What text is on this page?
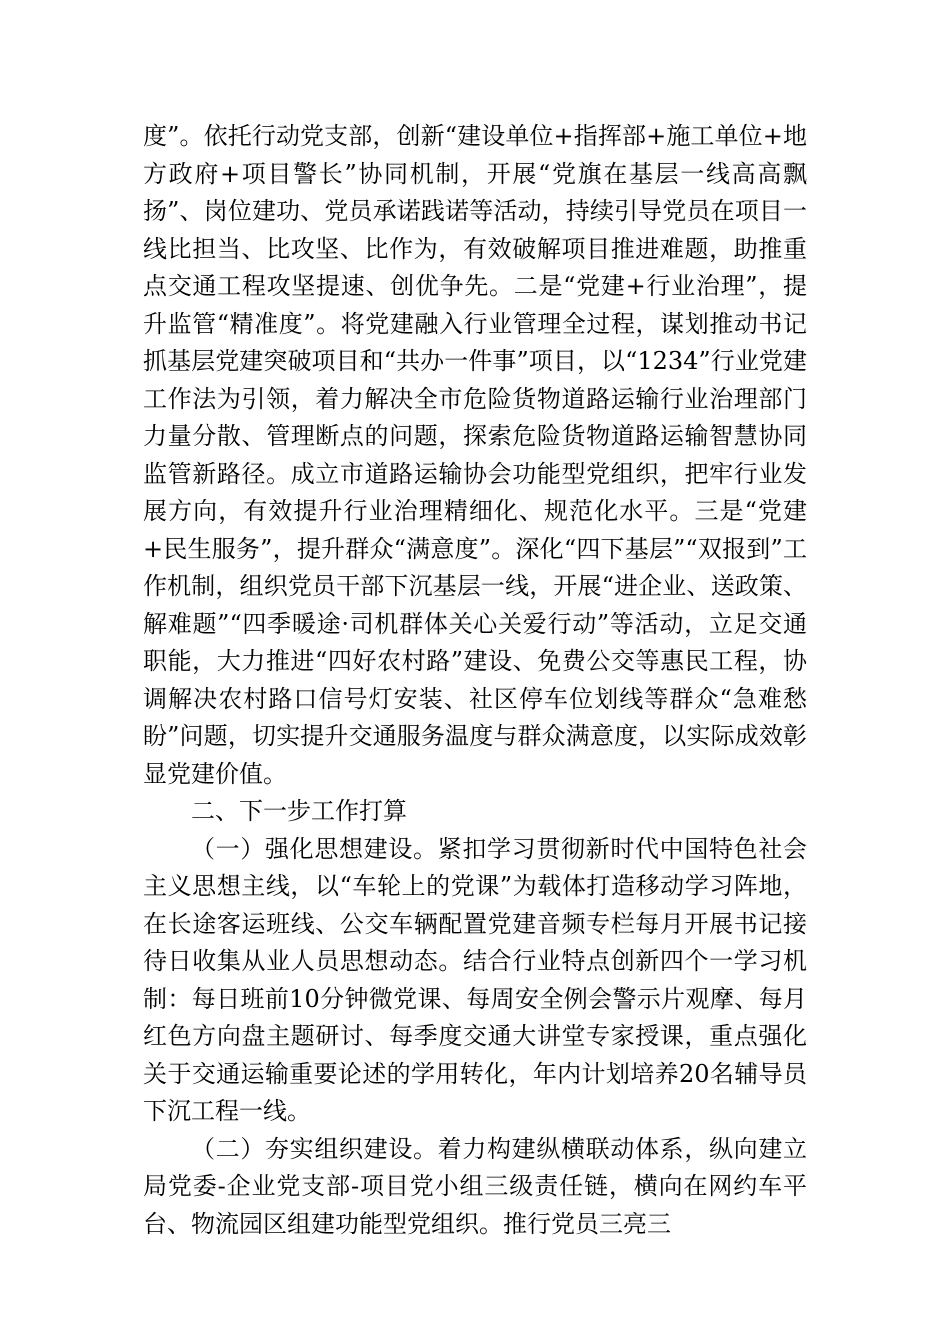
度”。依托行动党支部，创新“建设单位+指挥部+施工单位+地方政府+项目警长”协同机制，开展“党旗在基层一线高高飘扬”、岗位建功、党员承诺践诺等活动，持续引导党员在项目一线比担当、比攻坚、比作为，有效破解项目推进难题，助推重点交通工程攻坚提速、创优争先。二是“党建+行业治理”，提升监管“精准度”。将党建融入行业管理全过程，谋划推动书记抓基层党建突破项目和“共办一件事”项目，以“1234”行业党建工作法为引领，着力解决全市危险货物道路运输行业治理部门力量分散、管理断点的问题，探索危险货物道路运输智慧协同监管新路径。成立市道路运输协会功能型党组织，把牢行业发展方向，有效提升行业治理精细化、规范化水平。三是“党建+民生服务”，提升群众“满意度”。深化“四下基层”“双报到”工作机制，组织党员干部下沉基层一线，开展“进企业、送政策、解难题”“四季暖途·司机群体关心关爱行动”等活动，立足交通职能，大力推进“四好农村路”建设、免费公交等惠民工程，协调解决农村路口信号灯安装、社区停车位划线等群众“急难愁盼”问题，切实提升交通服务温度与群众满意度，以实际成效彰显党建价值。

二、下一步工作打算

（一）强化思想建设。紧扣学习贯彻新时代中国特色社会主义思想主线，以“车轮上的党课”为载体打造移动学习阵地，在长途客运班线、公交车辆配置党建音频专栏每月开展书记接待日收集从业人员思想动态。结合行业特点创新四个一学习机制：每日班前10分钟微党课、每周安全例会警示片观摩、每月红色方向盘主题研讨、每季度交通大讲堂专家授课，重点强化关于交通运输重要论述的学用转化，年内计划培养20名辅导员下沉工程一线。

（二）夯实组织建设。着力构建纵横联动体系，纵向建立局党委-企业党支部-项目党小组三级责任链，横向在网约车平台、物流园区组建功能型党组织。推行党员三亮三
